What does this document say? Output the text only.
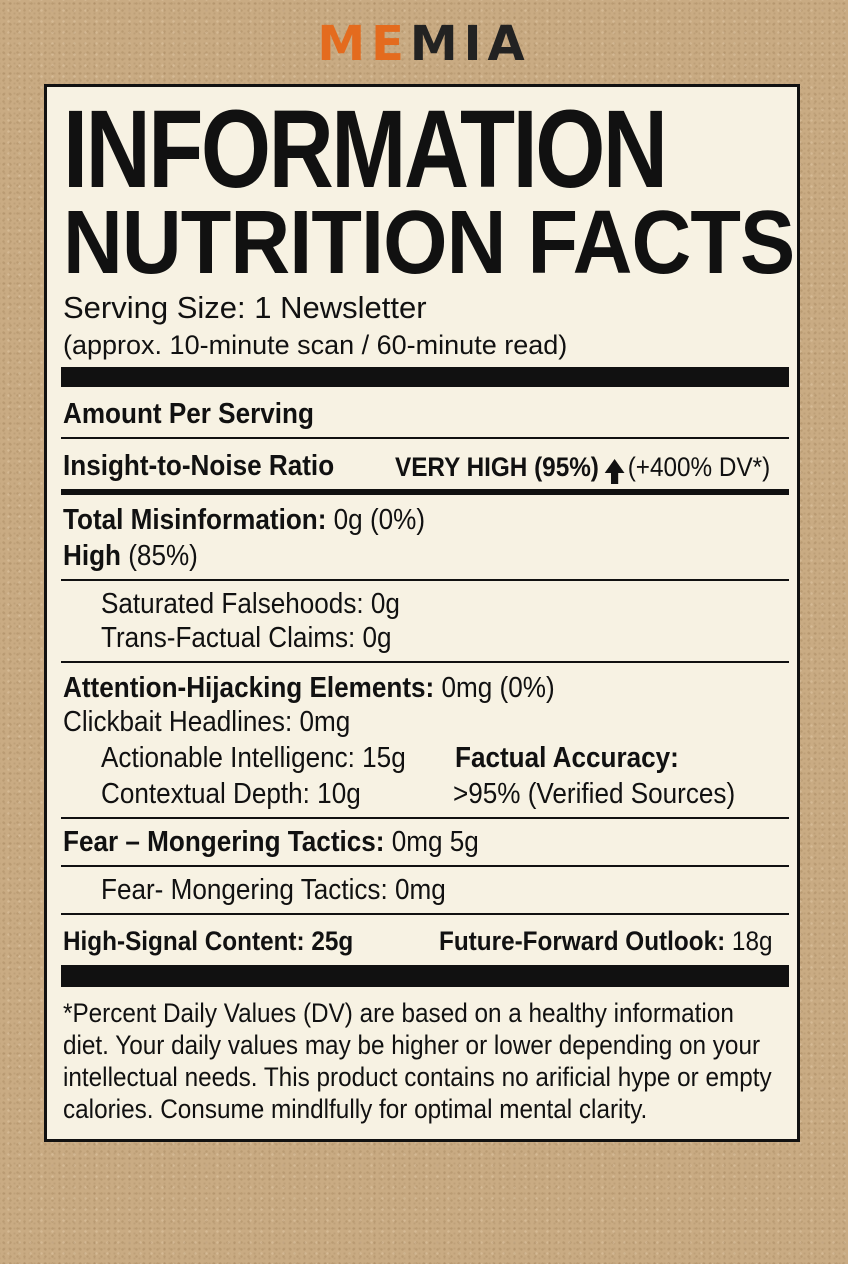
MEMIA
INFORMATION
NUTRITION FACTS
Serving Size: 1 Newsletter
(approx. 10-minute scan / 60-minute read)
Amount Per Serving
Insight-to-Noise Ratio VERY HIGH (95%) (+400% DV*)
Total Misinformation: 0g (0%)
High (85%)
Saturated Falsehoods: 0g
Trans-Factual Claims: 0g
Attention-Hijacking Elements: 0mg (0%)
Clickbait Headlines: 0mg
Actionable Intelligenc: 15g Factual Accuracy:
Contextual Depth: 10g	>95% (Verified Sources)
Fear – Mongering Tactics: 0mg 5g
Fear- Mongering Tactics: 0mg
High-Signal Content: 25g	Future-Forward Outlook: 18g
*Percent Daily Values (DV) are based on a healthy information diet. Your daily values may be higher or lower depending on your intellectual needs. This product contains no arificial hype or empty calories. Consume mindlfully for optimal mental clarity.
